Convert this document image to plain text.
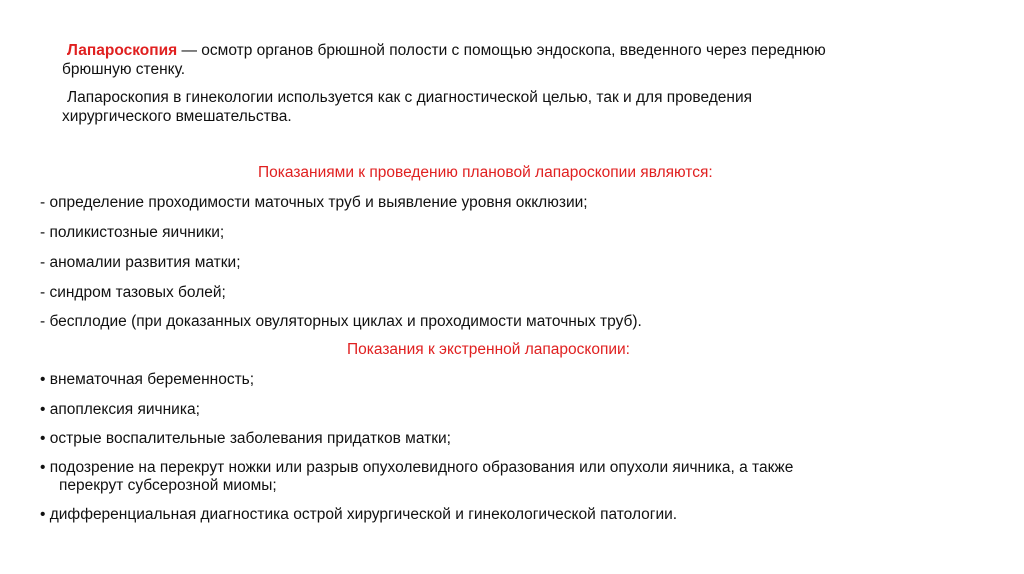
Лапароскопия — осмотр органов брюшной полости с помощью эндоскопа, введенного через переднюю
брюшную стенку.
Лапароскопия в гинекологии используется как с диагностической целью, так и для проведения
хирургического вмешательства.
Показаниями к проведению плановой лапароскопии являются:
- определение проходимости маточных труб и выявление уровня окклюзии;
- поликистозные яичники;
- аномалии развития матки;
- синдром тазовых болей;
- бесплодие (при доказанных овуляторных циклах и проходимости маточных труб).
Показания к экстренной лапароскопии:
• внематочная беременность;
• апоплексия яичника;
• острые воспалительные заболевания придатков матки;
• подозрение на перекрут ножки или разрыв опухолевидного образования или опухоли яичника, а также
перекрут субсерозной миомы;
• дифференциальная диагностика острой хирургической и гинекологической патологии.
